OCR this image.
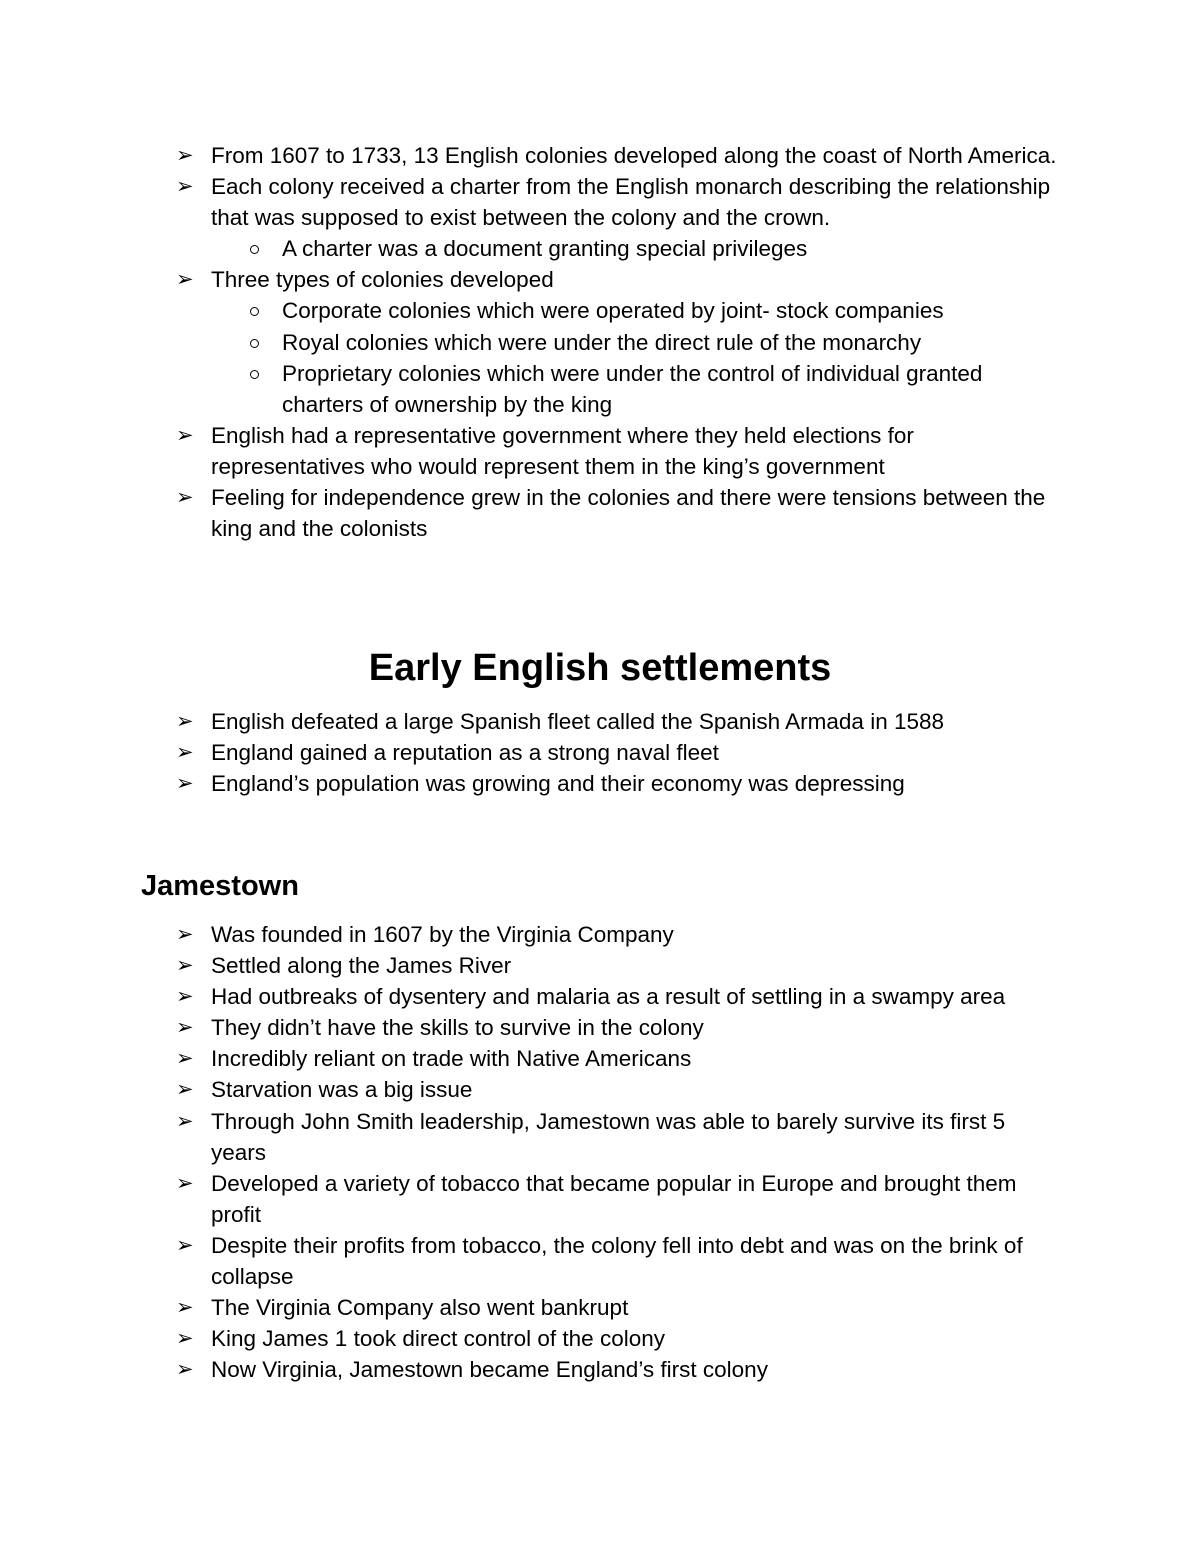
➢ From 1607 to 1733, 13 English colonies developed along the coast of North America.
➢ Each colony received a charter from the English monarch describing the relationship that was supposed to exist between the colony and the crown.
A charter was a document granting special privileges
➢ Three types of colonies developed
Corporate colonies which were operated by joint- stock companies
Royal colonies which were under the direct rule of the monarchy
Proprietary colonies which were under the control of individual granted charters of ownership by the king
➢ English had a representative government where they held elections for representatives who would represent them in the king’s government
➢ Feeling for independence grew in the colonies and there were tensions between the king and the colonists
Early English settlements
➢ English defeated a large Spanish fleet called the Spanish Armada in 1588
➢ England gained a reputation as a strong naval fleet
➢ England’s population was growing and their economy was depressing
Jamestown
➢ Was founded in 1607 by the Virginia Company
➢ Settled along the James River
➢ Had outbreaks of dysentery and malaria as a result of settling in a swampy area
➢ They didn’t have the skills to survive in the colony
➢ Incredibly reliant on trade with Native Americans
➢ Starvation was a big issue
➢ Through John Smith leadership, Jamestown was able to barely survive its first 5 years
➢ Developed a variety of tobacco that became popular in Europe and brought them profit
➢ Despite their profits from tobacco, the colony fell into debt and was on the brink of collapse
➢ The Virginia Company also went bankrupt
➢ King James 1 took direct control of the colony
➢ Now Virginia, Jamestown became England’s first colony
